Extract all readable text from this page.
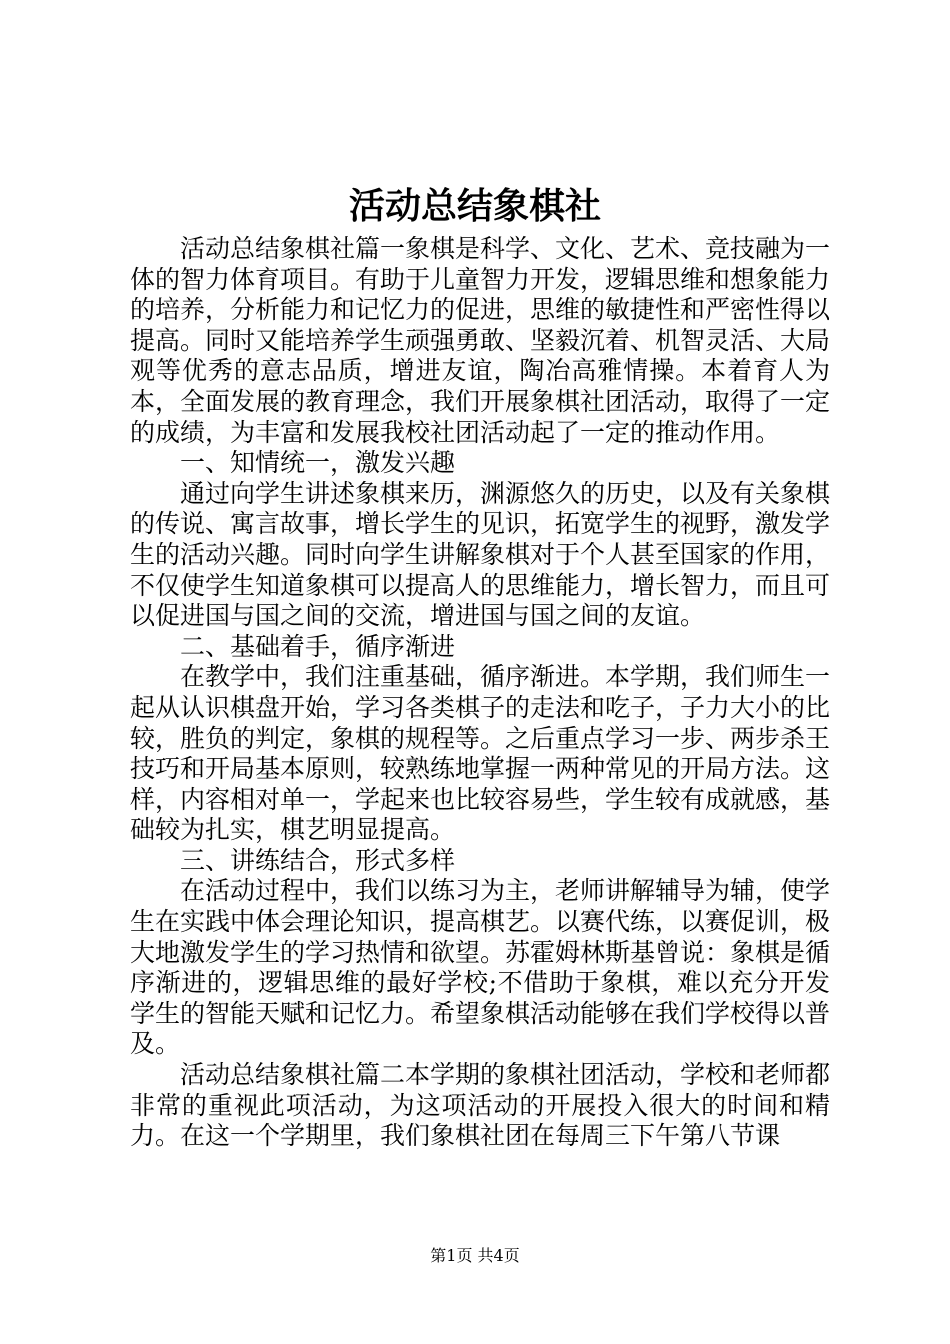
活动总结象棋社

活动总结象棋社篇一象棋是科学、文化、艺术、竞技融为一体的智力体育项目。有助于儿童智力开发，逻辑思维和想象能力的培养，分析能力和记忆力的促进，思维的敏捷性和严密性得以提高。同时又能培养学生顽强勇敢、坚毅沉着、机智灵活、大局观等优秀的意志品质，增进友谊，陶冶高雅情操。本着育人为本，全面发展的教育理念，我们开展象棋社团活动，取得了一定的成绩，为丰富和发展我校社团活动起了一定的推动作用。

一、知情统一，激发兴趣

通过向学生讲述象棋来历，渊源悠久的历史，以及有关象棋的传说、寓言故事，增长学生的见识，拓宽学生的视野，激发学生的活动兴趣。同时向学生讲解象棋对于个人甚至国家的作用，不仅使学生知道象棋可以提高人的思维能力，增长智力，而且可以促进国与国之间的交流，增进国与国之间的友谊。

二、基础着手，循序渐进

在教学中，我们注重基础，循序渐进。本学期，我们师生一起从认识棋盘开始，学习各类棋子的走法和吃子，子力大小的比较，胜负的判定，象棋的规程等。之后重点学习一步、两步杀王技巧和开局基本原则，较熟练地掌握一两种常见的开局方法。这样，内容相对单一，学起来也比较容易些，学生较有成就感，基础较为扎实，棋艺明显提高。

三、讲练结合，形式多样

在活动过程中，我们以练习为主，老师讲解辅导为辅，使学生在实践中体会理论知识，提高棋艺。以赛代练，以赛促训，极大地激发学生的学习热情和欲望。苏霍姆林斯基曾说：象棋是循序渐进的，逻辑思维的最好学校;不借助于象棋，难以充分开发学生的智能天赋和记忆力。希望象棋活动能够在我们学校得以普及。

活动总结象棋社篇二本学期的象棋社团活动，学校和老师都非常的重视此项活动，为这项活动的开展投入很大的时间和精力。在这一个学期里，我们象棋社团在每周三下午第八节课

第1页 共4页
